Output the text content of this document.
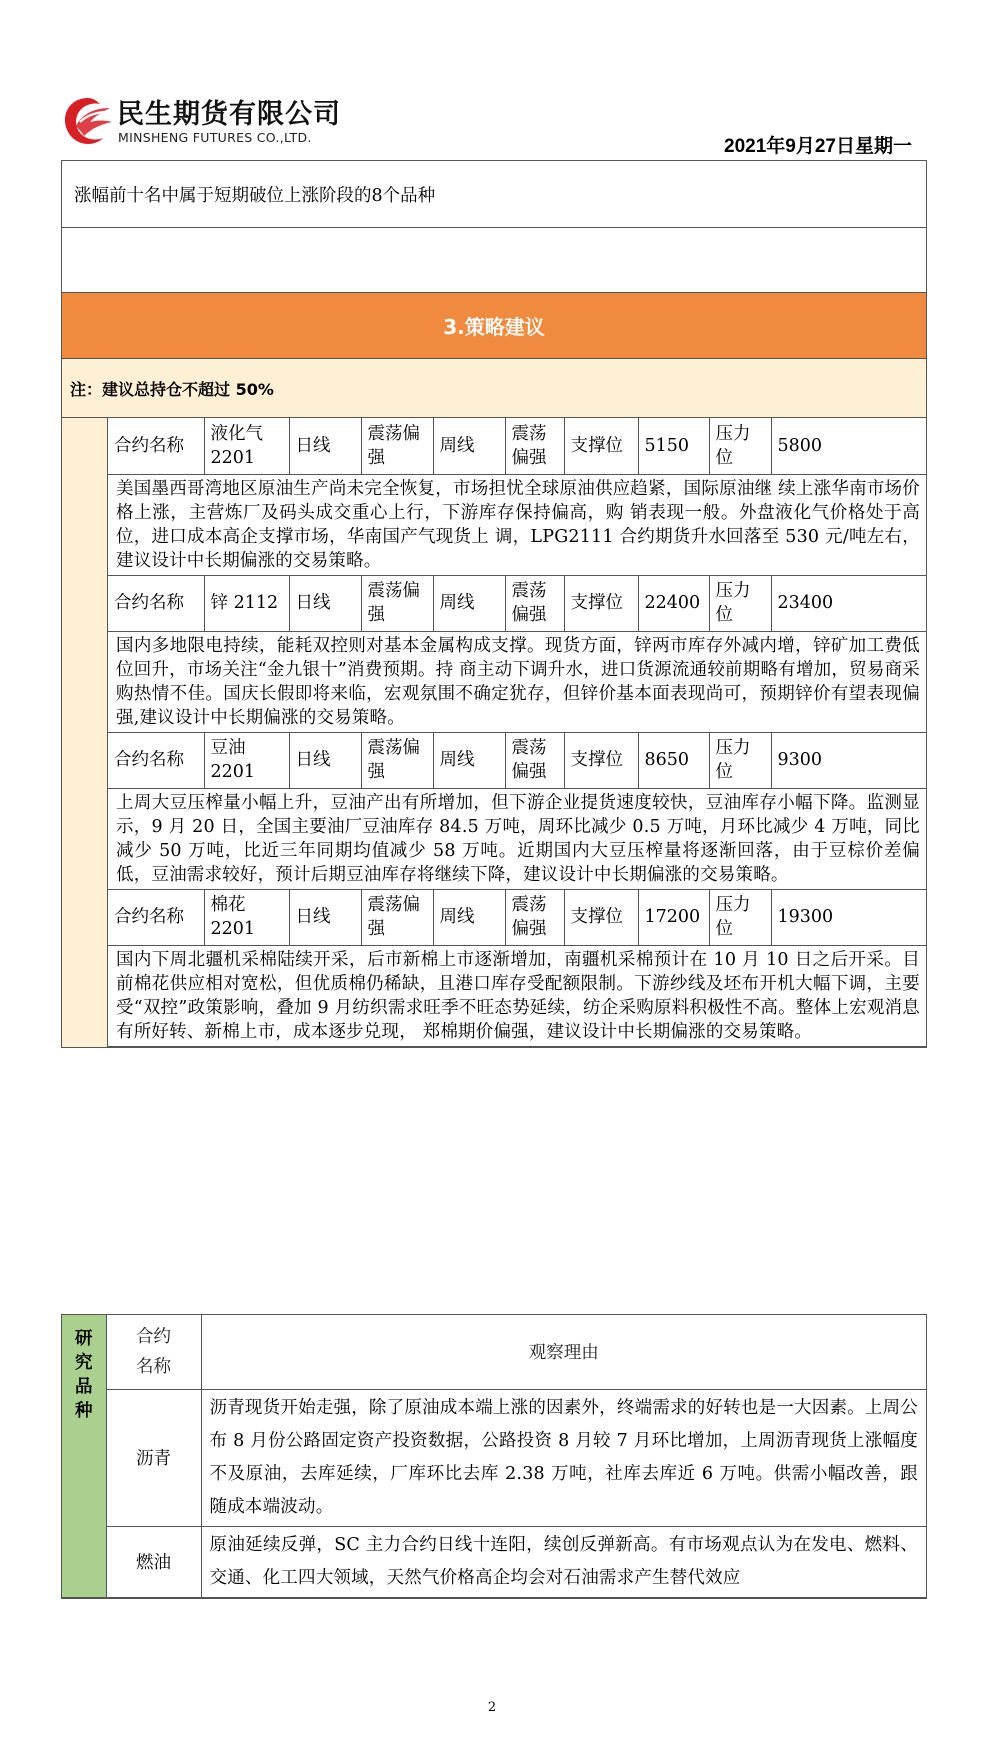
民生期货有限公司
MINSHENG FUTURES CO.,LTD.	2021年9月27日星期一
涨幅前十名中属于短期破位上涨阶段的8个品种
3.策略建议
注：建议总持仓不超过 50%
合约名称	液化气 2201	日线	震荡偏强	周线	震荡偏强	支撑位	5150	压力位	5800
美国墨西哥湾地区原油生产尚未完全恢复，市场担忧全球原油供应趋紧，国际原油继 续上涨华南市场价格上涨，主营炼厂及码头成交重心上行，下游库存保持偏高，购 销表现一般。外盘液化气价格处于高位，进口成本高企支撑市场，华南国产气现货上 调，LPG2111 合约期货升水回落至 530 元/吨左右，建议设计中长期偏涨的交易策略。									
合约名称	锌 2112	日线	震荡偏强	周线	震荡偏强	支撑位	22400	压力位	23400
国内多地限电持续，能耗双控则对基本金属构成支撑。现货方面，锌两市库存外减内增，锌矿加工费低位回升，市场关注“金九银十”消费预期。持 商主动下调升水，进口货源流通较前期略有增加，贸易商采购热情不佳。国庆长假即将来临，宏观氛围不确定犹存，但锌价基本面表现尚可，预期锌价有望表现偏强,建议设计中长期偏涨的交易策略。									
合约名称	豆油 2201	日线	震荡偏强	周线	震荡偏强	支撑位	8650	压力位	9300
上周大豆压榨量小幅上升，豆油产出有所增加，但下游企业提货速度较快，豆油库存小幅下降。监测显示，9 月 20 日，全国主要油厂豆油库存 84.5 万吨，周环比减少 0.5 万吨，月环比减少 4 万吨，同比减少 50 万吨，比近三年同期均值减少 58 万吨。近期国内大豆压榨量将逐渐回落，由于豆棕价差偏低，豆油需求较好，预计后期豆油库存将继续下降，建议设计中长期偏涨的交易策略。									
合约名称	棉花 2201	日线	震荡偏强	周线	震荡偏强	支撑位	17200	压力位	19300
国内下周北疆机采棉陆续开采，后市新棉上市逐渐增加，南疆机采棉预计在 10 月 10 日之后开采。目前棉花供应相对宽松，但优质棉仍稀缺，且港口库存受配额限制。下游纱线及坯布开机大幅下调，主要受“双控”政策影响，叠加 9 月纺织需求旺季不旺态势延续，纺企采购原料积极性不高。整体上宏观消息有所好转、新棉上市，成本逐步兑现， 郑棉期价偏强，建议设计中长期偏涨的交易策略。									
研究品种	合约名称	观察理由
	沥青	沥青现货开始走强，除了原油成本端上涨的因素外，终端需求的好转也是一大因素。上周公布 8 月份公路固定资产投资数据，公路投资 8 月较 7 月环比增加，上周沥青现货上涨幅度不及原油，去库延续，厂库环比去库 2.38 万吨，社库去库近 6 万吨。供需小幅改善，跟随成本端波动。
	燃油	原油延续反弹，SC 主力合约日线十连阳，续创反弹新高。有市场观点认为在发电、燃料、交通、化工四大领域，天然气价格高企均会对石油需求产生替代效应
2
